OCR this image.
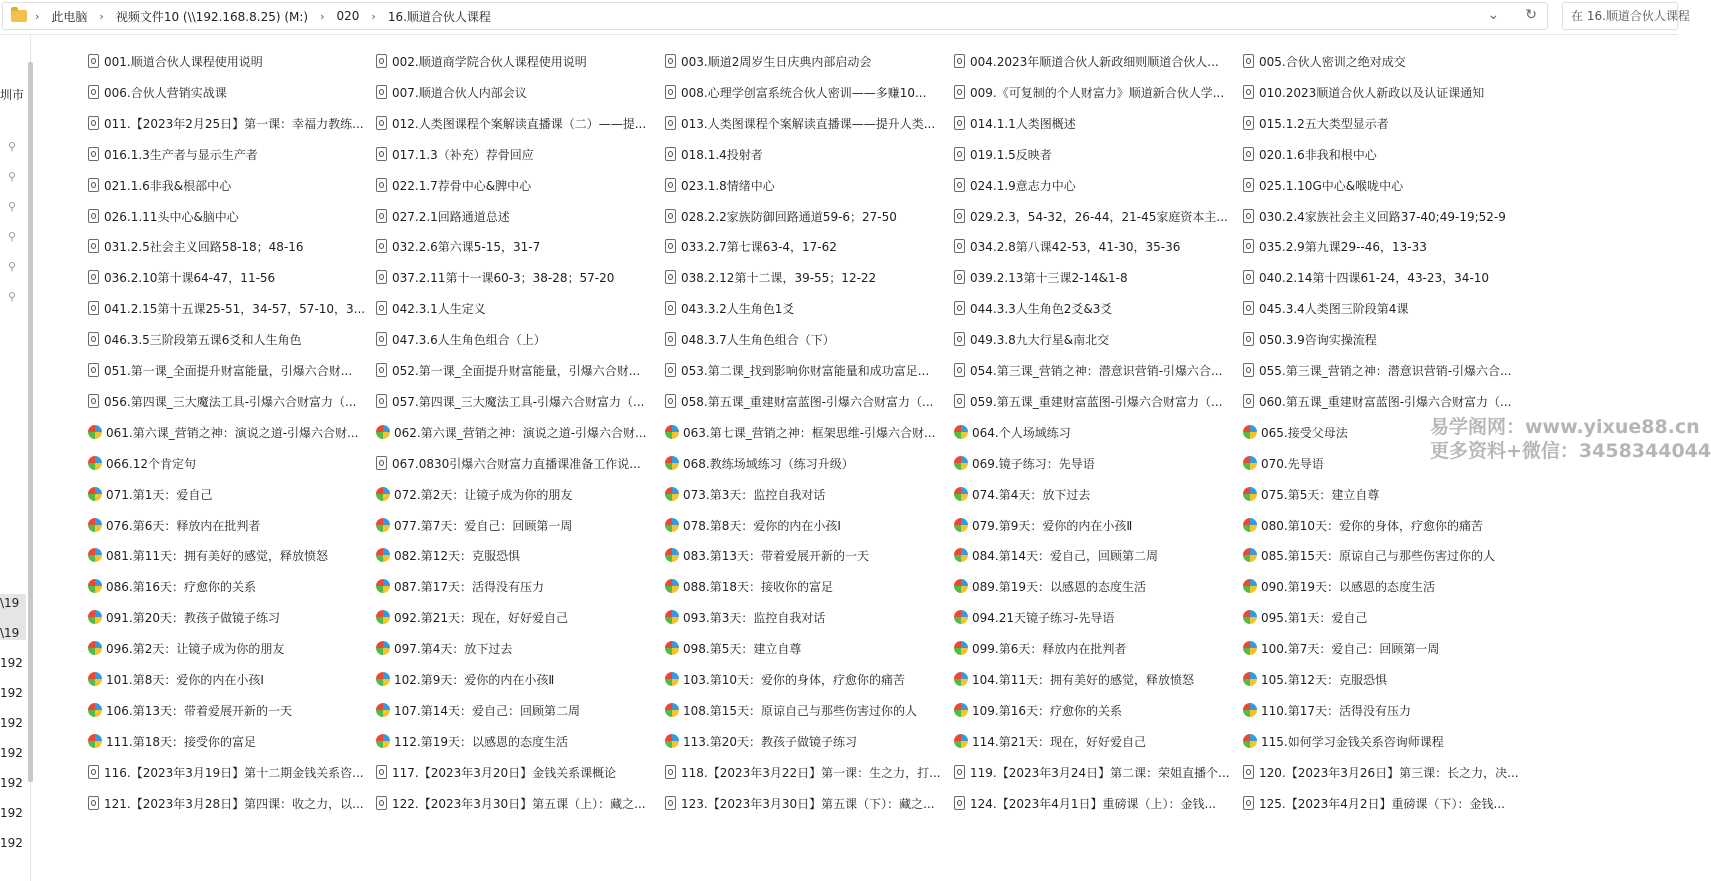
›	此电脑	›	视频文件10 (\\192.168.8.25) (M:)	›	020	›	16.顺道合伙人课程	⌄ ↻	在 16.顺道合伙人课程
圳市
⚲
⚲
⚲
⚲
⚲
⚲
\19
\19
192
192
192
192
192
192
192
001.顺道合伙人课程使用说明	002.顺道商学院合伙人课程使用说明	003.顺道2周岁生日庆典内部启动会	004.2023年顺道合伙人新政细则顺道合伙人...	005.合伙人密训之绝对成交
006.合伙人营销实战课	007.顺道合伙人内部会议	008.心理学创富系统合伙人密训——多赚10...	009.《可复制的个人财富力》顺道新合伙人学...	010.2023顺道合伙人新政以及认证课通知
011.【2023年2月25日】第一课：幸福力教练... 012.人类图课程个案解读直播课（二）——提...	013.人类图课程个案解读直播课——提升人类...	014.1.1人类图概述	015.1.2五大类型显示者
016.1.3生产者与显示生产者	017.1.3（补充）荐骨回应	018.1.4投射者	019.1.5反映者	020.1.6非我和根中心
021.1.6非我&根部中心	022.1.7荐骨中心&脾中心	023.1.8情绪中心	024.1.9意志力中心	025.1.10G中心&喉咙中心
026.1.11头中心&脑中心	027.2.1回路通道总述	028.2.2家族防御回路通道59-6；27-50	029.2.3，54-32，26-44，21-45家庭资本主...	030.2.4家族社会主义回路37-40;49-19;52-9
031.2.5社会主义回路58-18；48-16	032.2.6第六课5-15，31-7	033.2.7第七课63-4，17-62	034.2.8第八课42-53，41-30，35-36	035.2.9第九课29--46，13-33
036.2.10第十课64-47，11-56	037.2.11第十一课60-3；38-28；57-20	038.2.12第十二课，39-55；12-22	039.2.13第十三课2-14&1-8	040.2.14第十四课61-24，43-23，34-10
041.2.15第十五课25-51，34-57，57-10，3... 042.3.1人生定义	043.3.2人生角色1爻	044.3.3人生角色2爻&3爻	045.3.4人类图三阶段第4课
046.3.5三阶段第五课6爻和人生角色	047.3.6人生角色组合（上）	048.3.7人生角色组合（下）	049.3.8九大行星&南北交	050.3.9咨询实操流程
051.第一课_全面提升财富能量，引爆六合财...	052.第一课_全面提升财富能量，引爆六合财...	053.第二课_找到影响你财富能量和成功富足...	054.第三课_营销之神：潜意识营销-引爆六合...	055.第三课_营销之神：潜意识营销-引爆六合...
056.第四课_三大魔法工具-引爆六合财富力（...	057.第四课_三大魔法工具-引爆六合财富力（...	058.第五课_重建财富蓝图-引爆六合财富力（...	059.第五课_重建财富蓝图-引爆六合财富力（...	060.第五课_重建财富蓝图-引爆六合财富力（...
061.第六课_营销之神：演说之道-引爆六合财...	062.第六课_营销之神：演说之道-引爆六合财...	063.第七课_营销之神：框架思维-引爆六合财...	064.个人场域练习	065.接受父母法
066.12个肯定句	067.0830引爆六合财富力直播课准备工作说...	068.教练场域练习（练习升级）	069.镜子练习：先导语	070.先导语
071.第1天：爱自己	072.第2天：让镜子成为你的朋友	073.第3天：监控自我对话	074.第4天：放下过去	075.第5天：建立自尊
076.第6天：释放内在批判者	077.第7天：爱自己：回顾第一周	078.第8天：爱你的内在小孩Ⅰ	079.第9天：爱你的内在小孩Ⅱ	080.第10天：爱你的身体，疗愈你的痛苦
081.第11天：拥有美好的感觉，释放愤怒	082.第12天：克服恐惧	083.第13天：带着爱展开新的一天	084.第14天：爱自己，回顾第二周	085.第15天：原谅自己与那些伤害过你的人
086.第16天：疗愈你的关系	087.第17天：活得没有压力	088.第18天：接收你的富足	089.第19天：以感恩的态度生活	090.第19天：以感恩的态度生活
091.第20天：教孩子做镜子练习	092.第21天：现在，好好爱自己	093.第3天：监控自我对话	094.21天镜子练习-先导语	095.第1天：爱自己
096.第2天：让镜子成为你的朋友	097.第4天：放下过去	098.第5天：建立自尊	099.第6天：释放内在批判者	100.第7天：爱自己：回顾第一周
101.第8天：爱你的内在小孩Ⅰ	102.第9天：爱你的内在小孩Ⅱ	103.第10天：爱你的身体，疗愈你的痛苦	104.第11天：拥有美好的感觉，释放愤怒	105.第12天：克服恐惧
106.第13天：带着爱展开新的一天	107.第14天：爱自己：回顾第二周	108.第15天：原谅自己与那些伤害过你的人	109.第16天：疗愈你的关系	110.第17天：活得没有压力
111.第18天：接受你的富足	112.第19天：以感恩的态度生活	113.第20天：教孩子做镜子练习	114.第21天：现在，好好爱自己	115.如何学习金钱关系咨询师课程
116.【2023年3月19日】第十二期金钱关系咨... 117.【2023年3月20日】金钱关系课概论	118.【2023年3月22日】第一课：生之力，打... 119.【2023年3月24日】第二课：荣姐直播个... 120.【2023年3月26日】第三课：长之力，决...
121.【2023年3月28日】第四课：收之力，以... 122.【2023年3月30日】第五课（上）：藏之...	123.【2023年3月30日】第五课（下）：藏之...	124.【2023年4月1日】重磅课（上）：金钱...	125.【2023年4月2日】重磅课（下）：金钱...
易学阁网：www.yixue88.cn
更多资料+微信：3458344044
